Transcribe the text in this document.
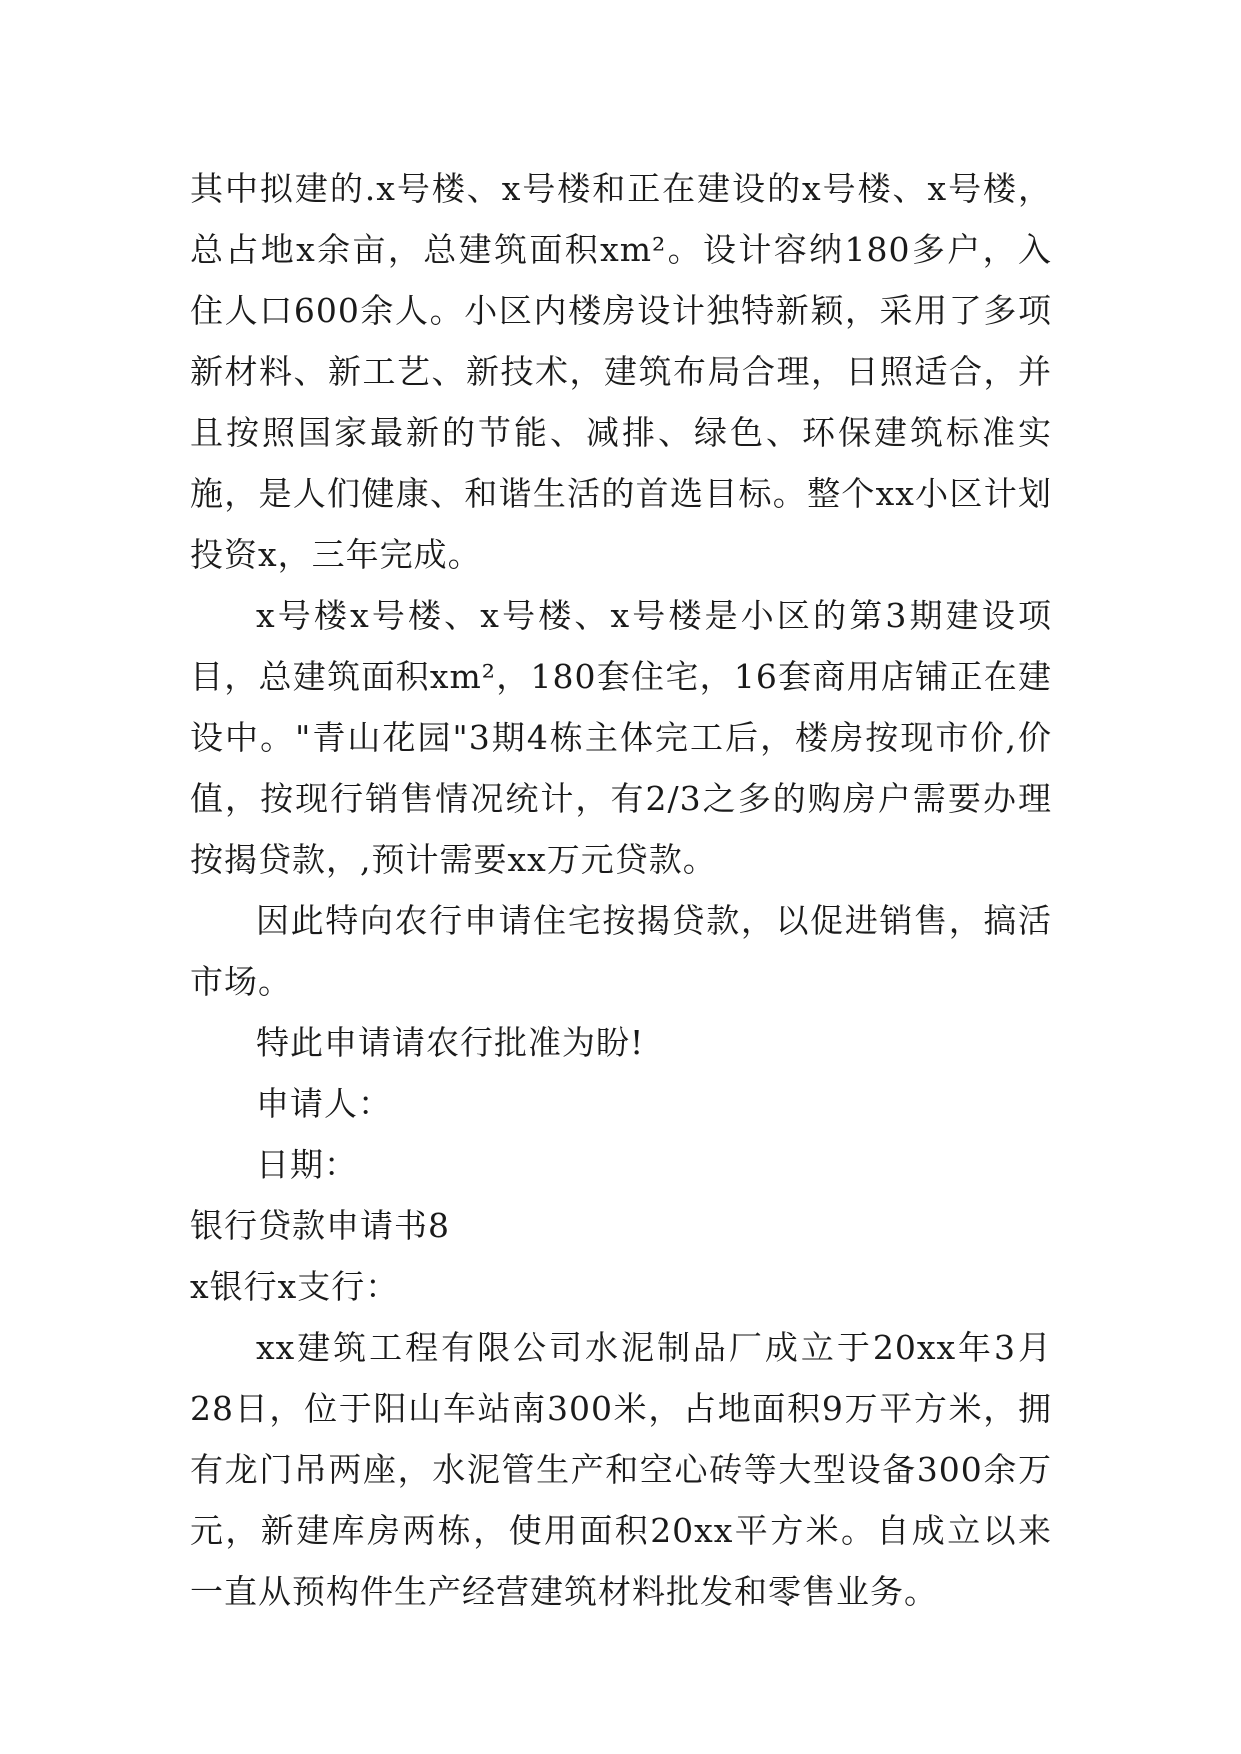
其中拟建的.x号楼、x号楼和正在建设的x号楼、x号楼，总占地x余亩，总建筑面积xm²。设计容纳180多户，入住人口600余人。小区内楼房设计独特新颖，采用了多项新材料、新工艺、新技术，建筑布局合理，日照适合，并且按照国家最新的节能、减排、绿色、环保建筑标准实施，是人们健康、和谐生活的首选目标。整个xx小区计划投资x，三年完成。

x号楼x号楼、x号楼、x号楼是小区的第3期建设项目，总建筑面积xm²，180套住宅，16套商用店铺正在建设中。"青山花园"3期4栋主体完工后，楼房按现市价,价值，按现行销售情况统计，有2/3之多的购房户需要办理按揭贷款，,预计需要xx万元贷款。

因此特向农行申请住宅按揭贷款，以促进销售，搞活市场。

特此申请请农行批准为盼!

申请人：

日期：

银行贷款申请书8

x银行x支行：

xx建筑工程有限公司水泥制品厂成立于20xx年3月28日，位于阳山车站南300米，占地面积9万平方米，拥有龙门吊两座，水泥管生产和空心砖等大型设备300余万元，新建库房两栋，使用面积20xx平方米。自成立以来一直从预构件生产经营建筑材料批发和零售业务。
